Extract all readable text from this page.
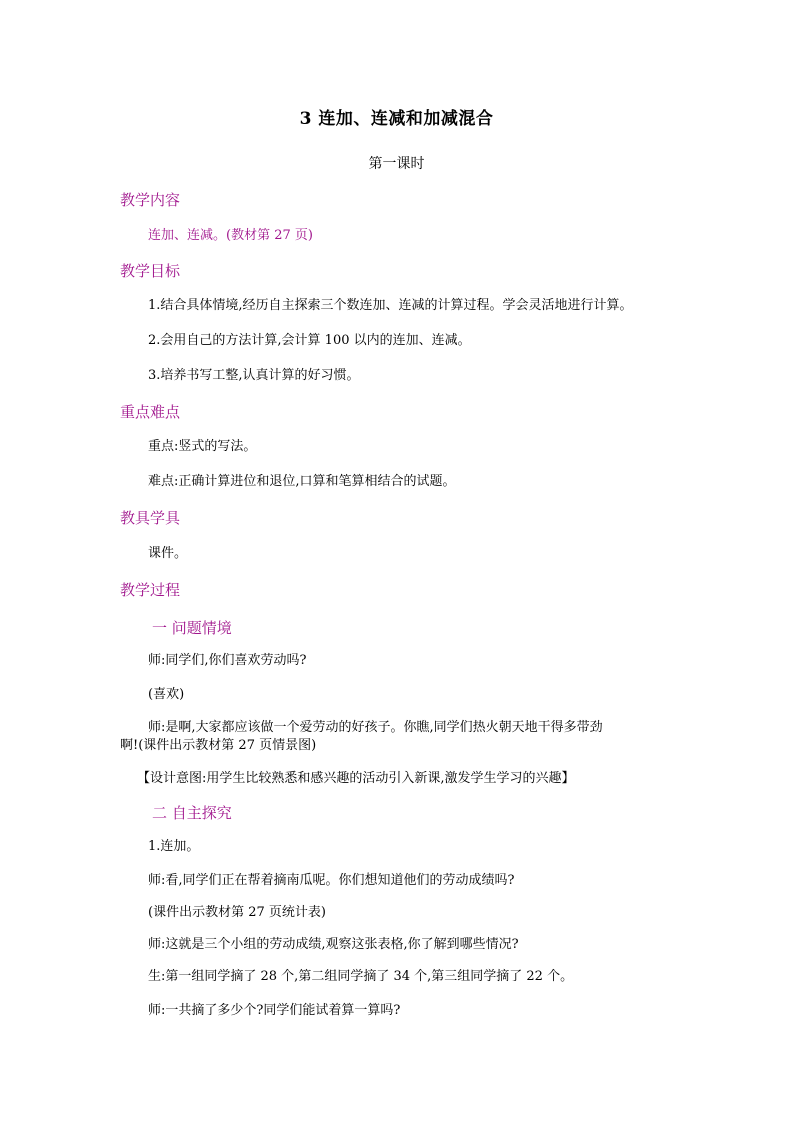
3 连加、连减和加减混合
第一课时
教学内容
连加、连减。(教材第 27 页)
教学目标
1.结合具体情境,经历自主探索三个数连加、连减的计算过程。学会灵活地进行计算。
2.会用自己的方法计算,会计算 100 以内的连加、连减。
3.培养书写工整,认真计算的好习惯。
重点难点
重点:竖式的写法。
难点:正确计算进位和退位,口算和笔算相结合的试题。
教具学具
课件。
教学过程
一 问题情境
师:同学们,你们喜欢劳动吗?
(喜欢)
师:是啊,大家都应该做一个爱劳动的好孩子。你瞧,同学们热火朝天地干得多带劲
啊!(课件出示教材第 27 页情景图)
【设计意图:用学生比较熟悉和感兴趣的活动引入新课,激发学生学习的兴趣】
二 自主探究
1.连加。
师:看,同学们正在帮着摘南瓜呢。你们想知道他们的劳动成绩吗?
(课件出示教材第 27 页统计表)
师:这就是三个小组的劳动成绩,观察这张表格,你了解到哪些情况?
生:第一组同学摘了 28 个,第二组同学摘了 34 个,第三组同学摘了 22 个。
师:一共摘了多少个?同学们能试着算一算吗?
